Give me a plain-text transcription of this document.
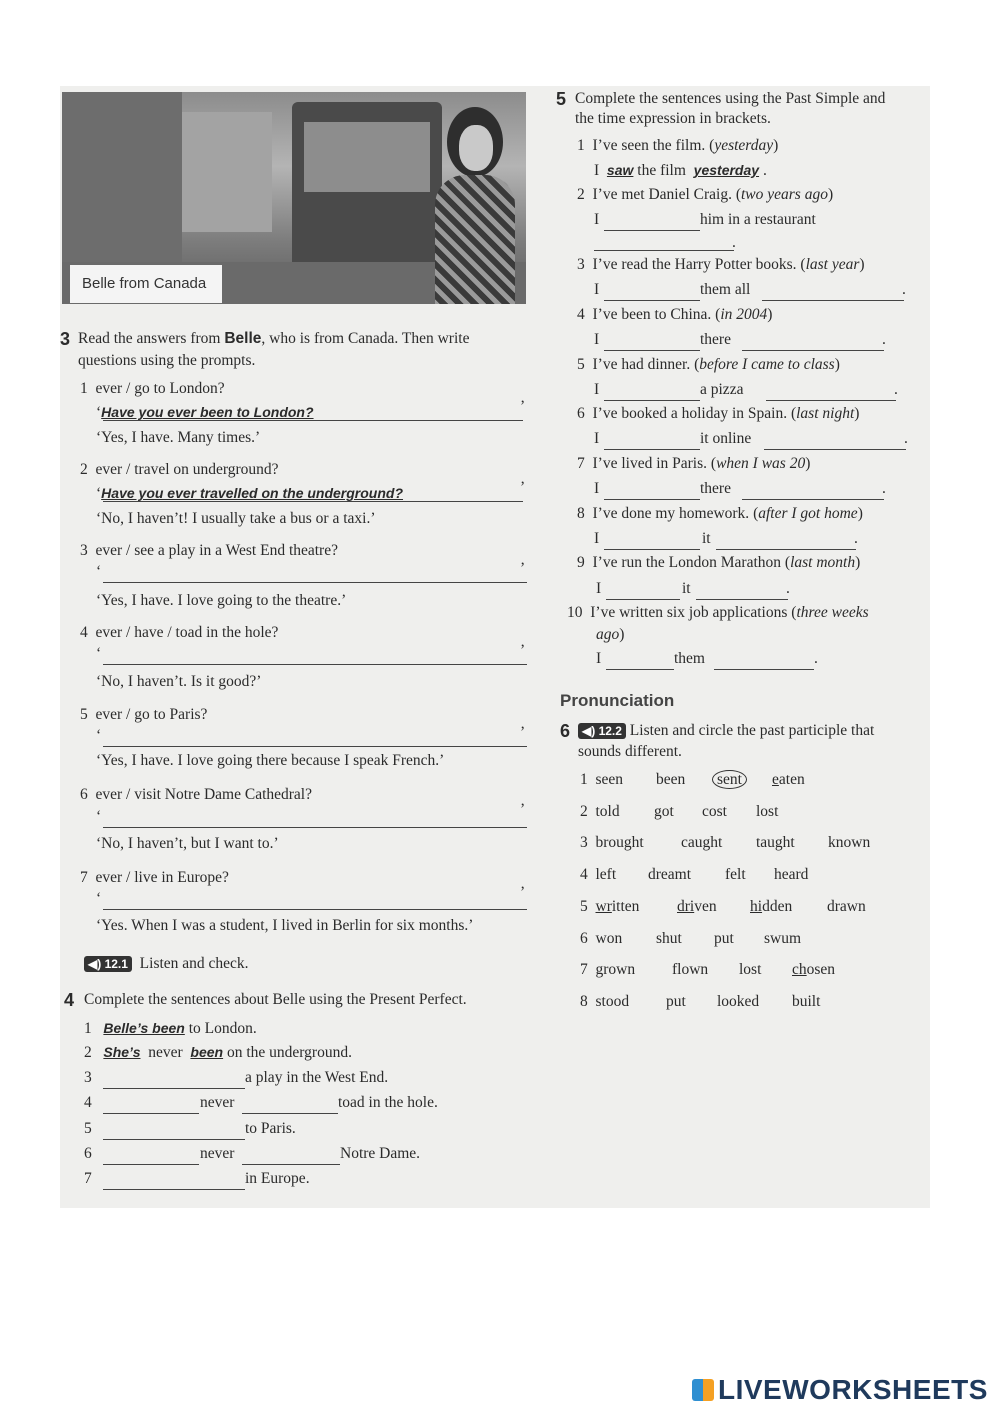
Belle from Canada
3 Read the answers from Belle, who is from Canada. Then write
questions using the prompts.
1 ever / go to London?
‘Have you ever been to London?	’
‘Yes, I have. Many times.’
2 ever / travel on underground?
‘Have you ever travelled on the underground?	’
‘No, I haven’t! I usually take a bus or a taxi.’
3 ever / see a play in a West End theatre?
‘	’
‘Yes, I have. I love going to the theatre.’
4 ever / have / toad in the hole?
‘	’
‘No, I haven’t. Is it good?’
5 ever / go to Paris?
‘	’
‘Yes, I have. I love going there because I speak French.’
6 ever / visit Notre Dame Cathedral?
‘	’
‘No, I haven’t, but I want to.’
7 ever / live in Europe?
‘	’
‘Yes. When I was a student, I lived in Berlin for six months.’
◀) 12.1 Listen and check.
4 Complete the sentences about Belle using the Present Perfect.
1 Belle’s been to London.
2 She’s never been on the underground.
3	a play in the West End.
4	never	toad in the hole.
5	to Paris.
6	never	Notre Dame.
7	in Europe.
5 Complete the sentences using the Past Simple and
the time expression in brackets.
1 I’ve seen the film. (yesterday)
I saw the film yesterday .
2 I’ve met Daniel Craig. (two years ago)
I	him in a restaurant
.
3 I’ve read the Harry Potter books. (last year)
I	them all	.
4 I’ve been to China. (in 2004)
I	there	.
5 I’ve had dinner. (before I came to class)
I	a pizza	.
6 I’ve booked a holiday in Spain. (last night)
I	it online	.
7 I’ve lived in Paris. (when I was 20)
I	there	.
8 I’ve done my homework. (after I got home)
I	it	.
9 I’ve run the London Marathon (last month)
I	it	.
10 I’ve written six job applications (three weeks
ago)
I	them	.
Pronunciation
6 ◀) 12.2 Listen and circle the past participle that
sounds different.
1 seen been	sent	eaten
2 told got cost lost
3 brought caught taught known
4 left dreamt felt heard
5 written driven hidden drawn
6 won shut put swum
7 grown flown lost chosen
8 stood put looked built
LIVEWORKSHEETS
